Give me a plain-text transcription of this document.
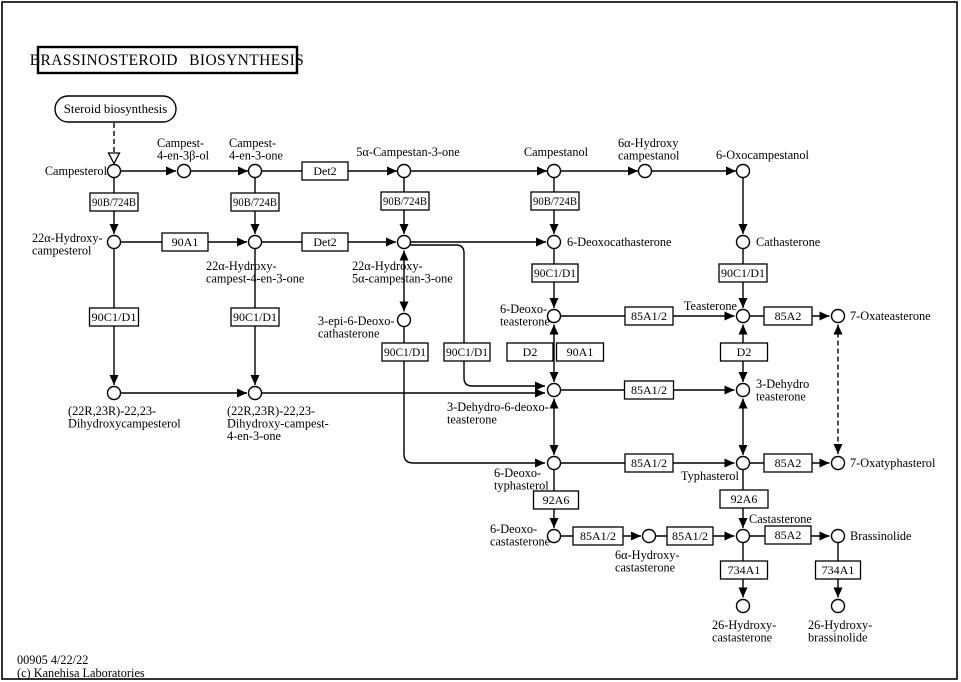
90B/724B	90B/724B	90B/724B	90B/724B
Det2
90A1	Det2
90C1/D1	90C1/D1
90C1/D1	90C1/D1
90C1/D1 90C1/D1	D2 90A1	D2
85A1/2	85A2
85A1/2
85A1/2	85A2
92A6	92A6
85A1/2	85A1/2	85A2
734A1	734A1
Campesterol
Campest-4-en-3β-ol
Campest-4-en-3-one	5α-Campestan-3-one	Campestanol
6α-Hydroxy campestanol	6-Oxocampestanol
22α-Hydroxy-campesterol
22α-Hydroxy-campest-4-en-3-one
22α-Hydroxy-5α-campestan-3-one
6-Deoxocathasterone	Cathasterone
3-epi-6-Deoxo-cathasterone
6-Deoxo-teasterone
Teasterone
7-Oxateasterone
(22R,23R)-22,23-Dihydroxycampesterol
(22R,23R)-22,23-Dihydroxy-campest-4-en-3-one
3-Dehydro-6-deoxo-teasterone
3-Dehydro teasterone
6-Deoxo-typhasterol
Typhasterol
7-Oxatyphasterol
6-Deoxo-castasterone
6α-Hydroxy-castasterone
Castasterone
Brassinolide
26-Hydroxy-castasterone
26-Hydroxy-brassinolide
BRASSINOSTEROID BIOSYNTHESIS
Steroid biosynthesis
00905 4/22/22
(c) Kanehisa Laboratories
